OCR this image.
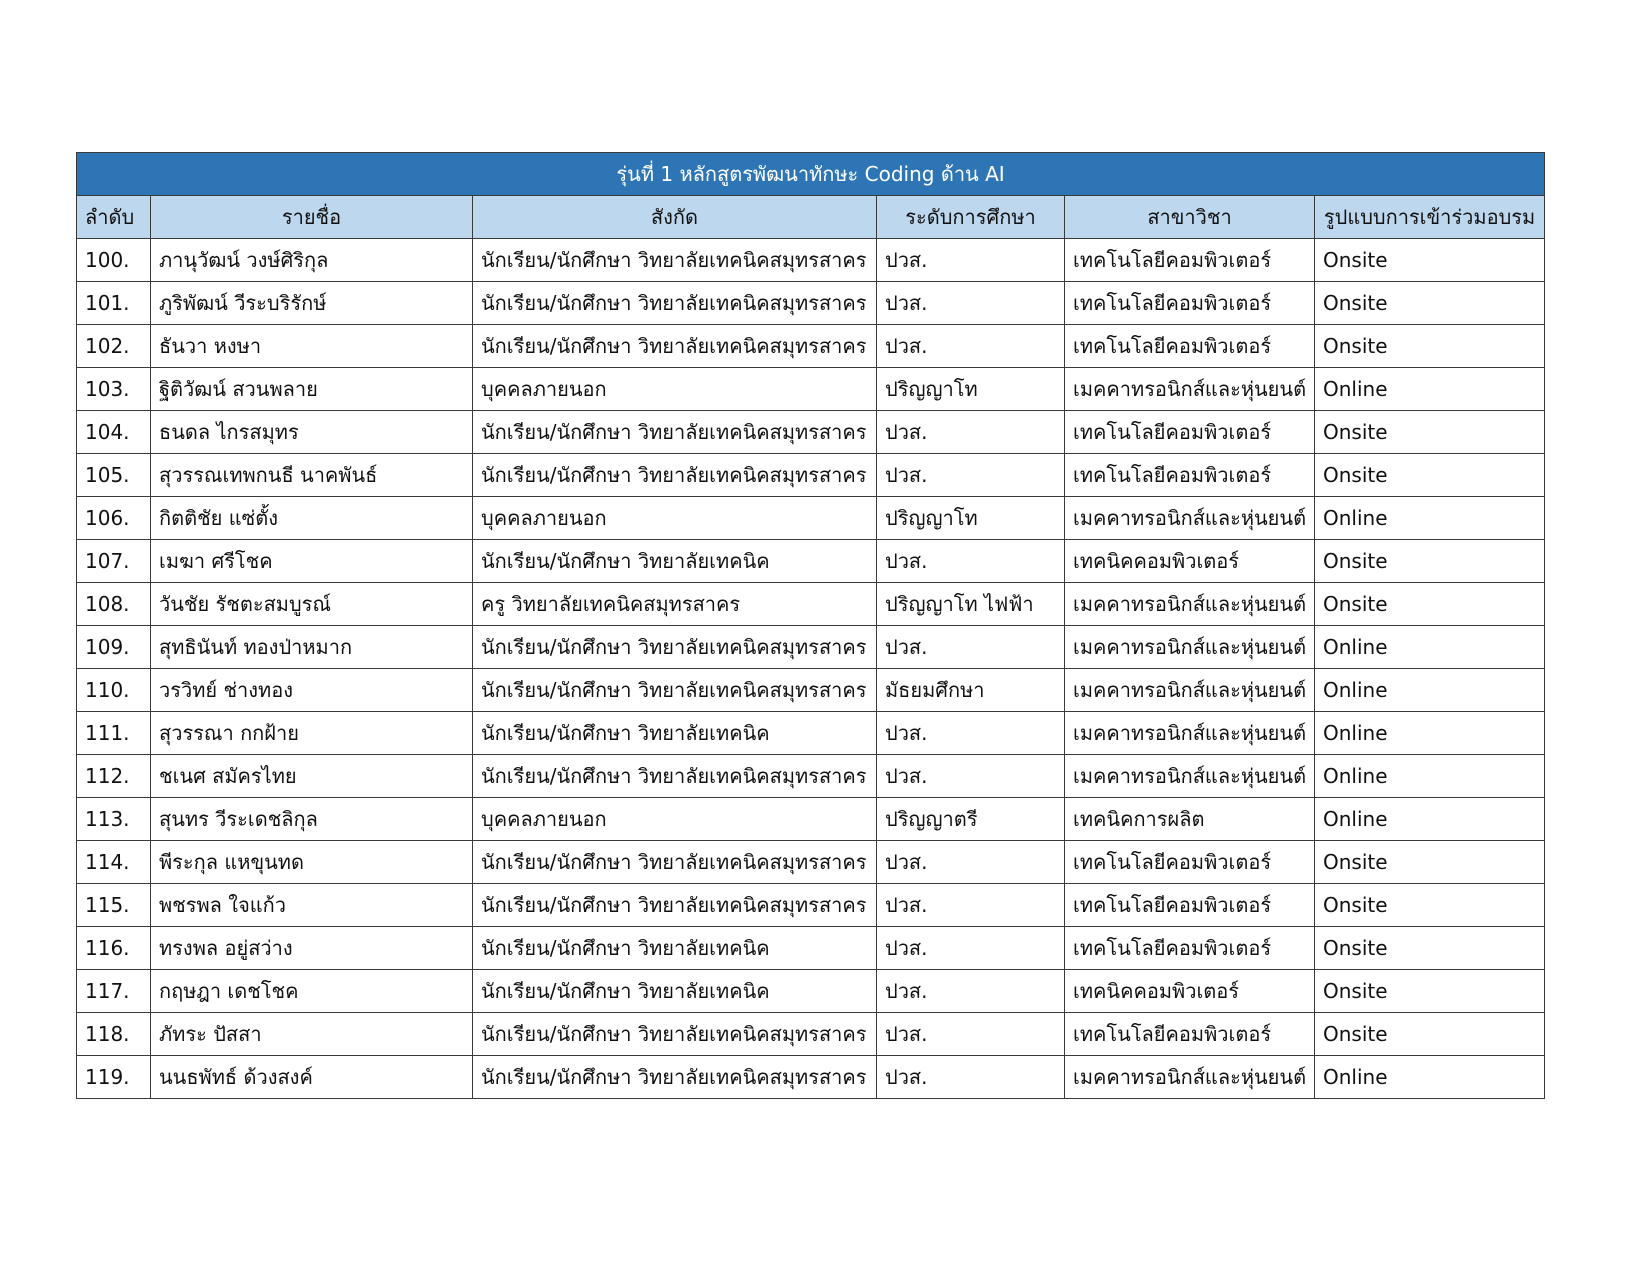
รุ่นที่ 1 หลักสูตรพัฒนาทักษะ Coding ด้าน AI					
ลำดับ	รายชื่อ	สังกัด	ระดับการศึกษา	สาขาวิชา	รูปแบบการเข้าร่วมอบรม
100.	ภานุวัฒน์ วงษ์ศิริกุล	นักเรียน/นักศึกษา วิทยาลัยเทคนิคสมุทรสาคร	ปวส.	เทคโนโลยีคอมพิวเตอร์	Onsite
101.	ภูริพัฒน์ วีระบริรักษ์	นักเรียน/นักศึกษา วิทยาลัยเทคนิคสมุทรสาคร	ปวส.	เทคโนโลยีคอมพิวเตอร์	Onsite
102.	ธันวา หงษา	นักเรียน/นักศึกษา วิทยาลัยเทคนิคสมุทรสาคร	ปวส.	เทคโนโลยีคอมพิวเตอร์	Onsite
103.	ฐิติวัฒน์ สวนพลาย	บุคคลภายนอก	ปริญญาโท	เมคคาทรอนิกส์และหุ่นยนต์	Online
104.	ธนดล ไกรสมุทร	นักเรียน/นักศึกษา วิทยาลัยเทคนิคสมุทรสาคร	ปวส.	เทคโนโลยีคอมพิวเตอร์	Onsite
105.	สุวรรณเทพกนธี นาคพันธ์	นักเรียน/นักศึกษา วิทยาลัยเทคนิคสมุทรสาคร	ปวส.	เทคโนโลยีคอมพิวเตอร์	Onsite
106.	กิตติชัย แซ่ตั้ง	บุคคลภายนอก	ปริญญาโท	เมคคาทรอนิกส์และหุ่นยนต์	Online
107.	เมฆา ศรีโชค	นักเรียน/นักศึกษา วิทยาลัยเทคนิค	ปวส.	เทคนิคคอมพิวเตอร์	Onsite
108.	วันชัย รัชตะสมบูรณ์	ครู วิทยาลัยเทคนิคสมุทรสาคร	ปริญญาโท ไฟฟ้า	เมคคาทรอนิกส์และหุ่นยนต์	Onsite
109.	สุทธินันท์ ทองป่าหมาก	นักเรียน/นักศึกษา วิทยาลัยเทคนิคสมุทรสาคร	ปวส.	เมคคาทรอนิกส์และหุ่นยนต์	Online
110.	วรวิทย์ ช่างทอง	นักเรียน/นักศึกษา วิทยาลัยเทคนิคสมุทรสาคร	มัธยมศึกษา	เมคคาทรอนิกส์และหุ่นยนต์	Online
111.	สุวรรณา กกฝ้าย	นักเรียน/นักศึกษา วิทยาลัยเทคนิค	ปวส.	เมคคาทรอนิกส์และหุ่นยนต์	Online
112.	ชเนศ สมัครไทย	นักเรียน/นักศึกษา วิทยาลัยเทคนิคสมุทรสาคร	ปวส.	เมคคาทรอนิกส์และหุ่นยนต์	Online
113.	สุนทร วีระเดชลิกุล	บุคคลภายนอก	ปริญญาตรี	เทคนิคการผลิต	Online
114.	พีระกุล แหขุนทด	นักเรียน/นักศึกษา วิทยาลัยเทคนิคสมุทรสาคร	ปวส.	เทคโนโลยีคอมพิวเตอร์	Onsite
115.	พชรพล ใจแก้ว	นักเรียน/นักศึกษา วิทยาลัยเทคนิคสมุทรสาคร	ปวส.	เทคโนโลยีคอมพิวเตอร์	Onsite
116.	ทรงพล อยู่สว่าง	นักเรียน/นักศึกษา วิทยาลัยเทคนิค	ปวส.	เทคโนโลยีคอมพิวเตอร์	Onsite
117.	กฤษฎา เดชโชค	นักเรียน/นักศึกษา วิทยาลัยเทคนิค	ปวส.	เทคนิคคอมพิวเตอร์	Onsite
118.	ภัทระ ปัสสา	นักเรียน/นักศึกษา วิทยาลัยเทคนิคสมุทรสาคร	ปวส.	เทคโนโลยีคอมพิวเตอร์	Onsite
119.	นนธพัทธ์ ด้วงสงค์	นักเรียน/นักศึกษา วิทยาลัยเทคนิคสมุทรสาคร	ปวส.	เมคคาทรอนิกส์และหุ่นยนต์	Online
